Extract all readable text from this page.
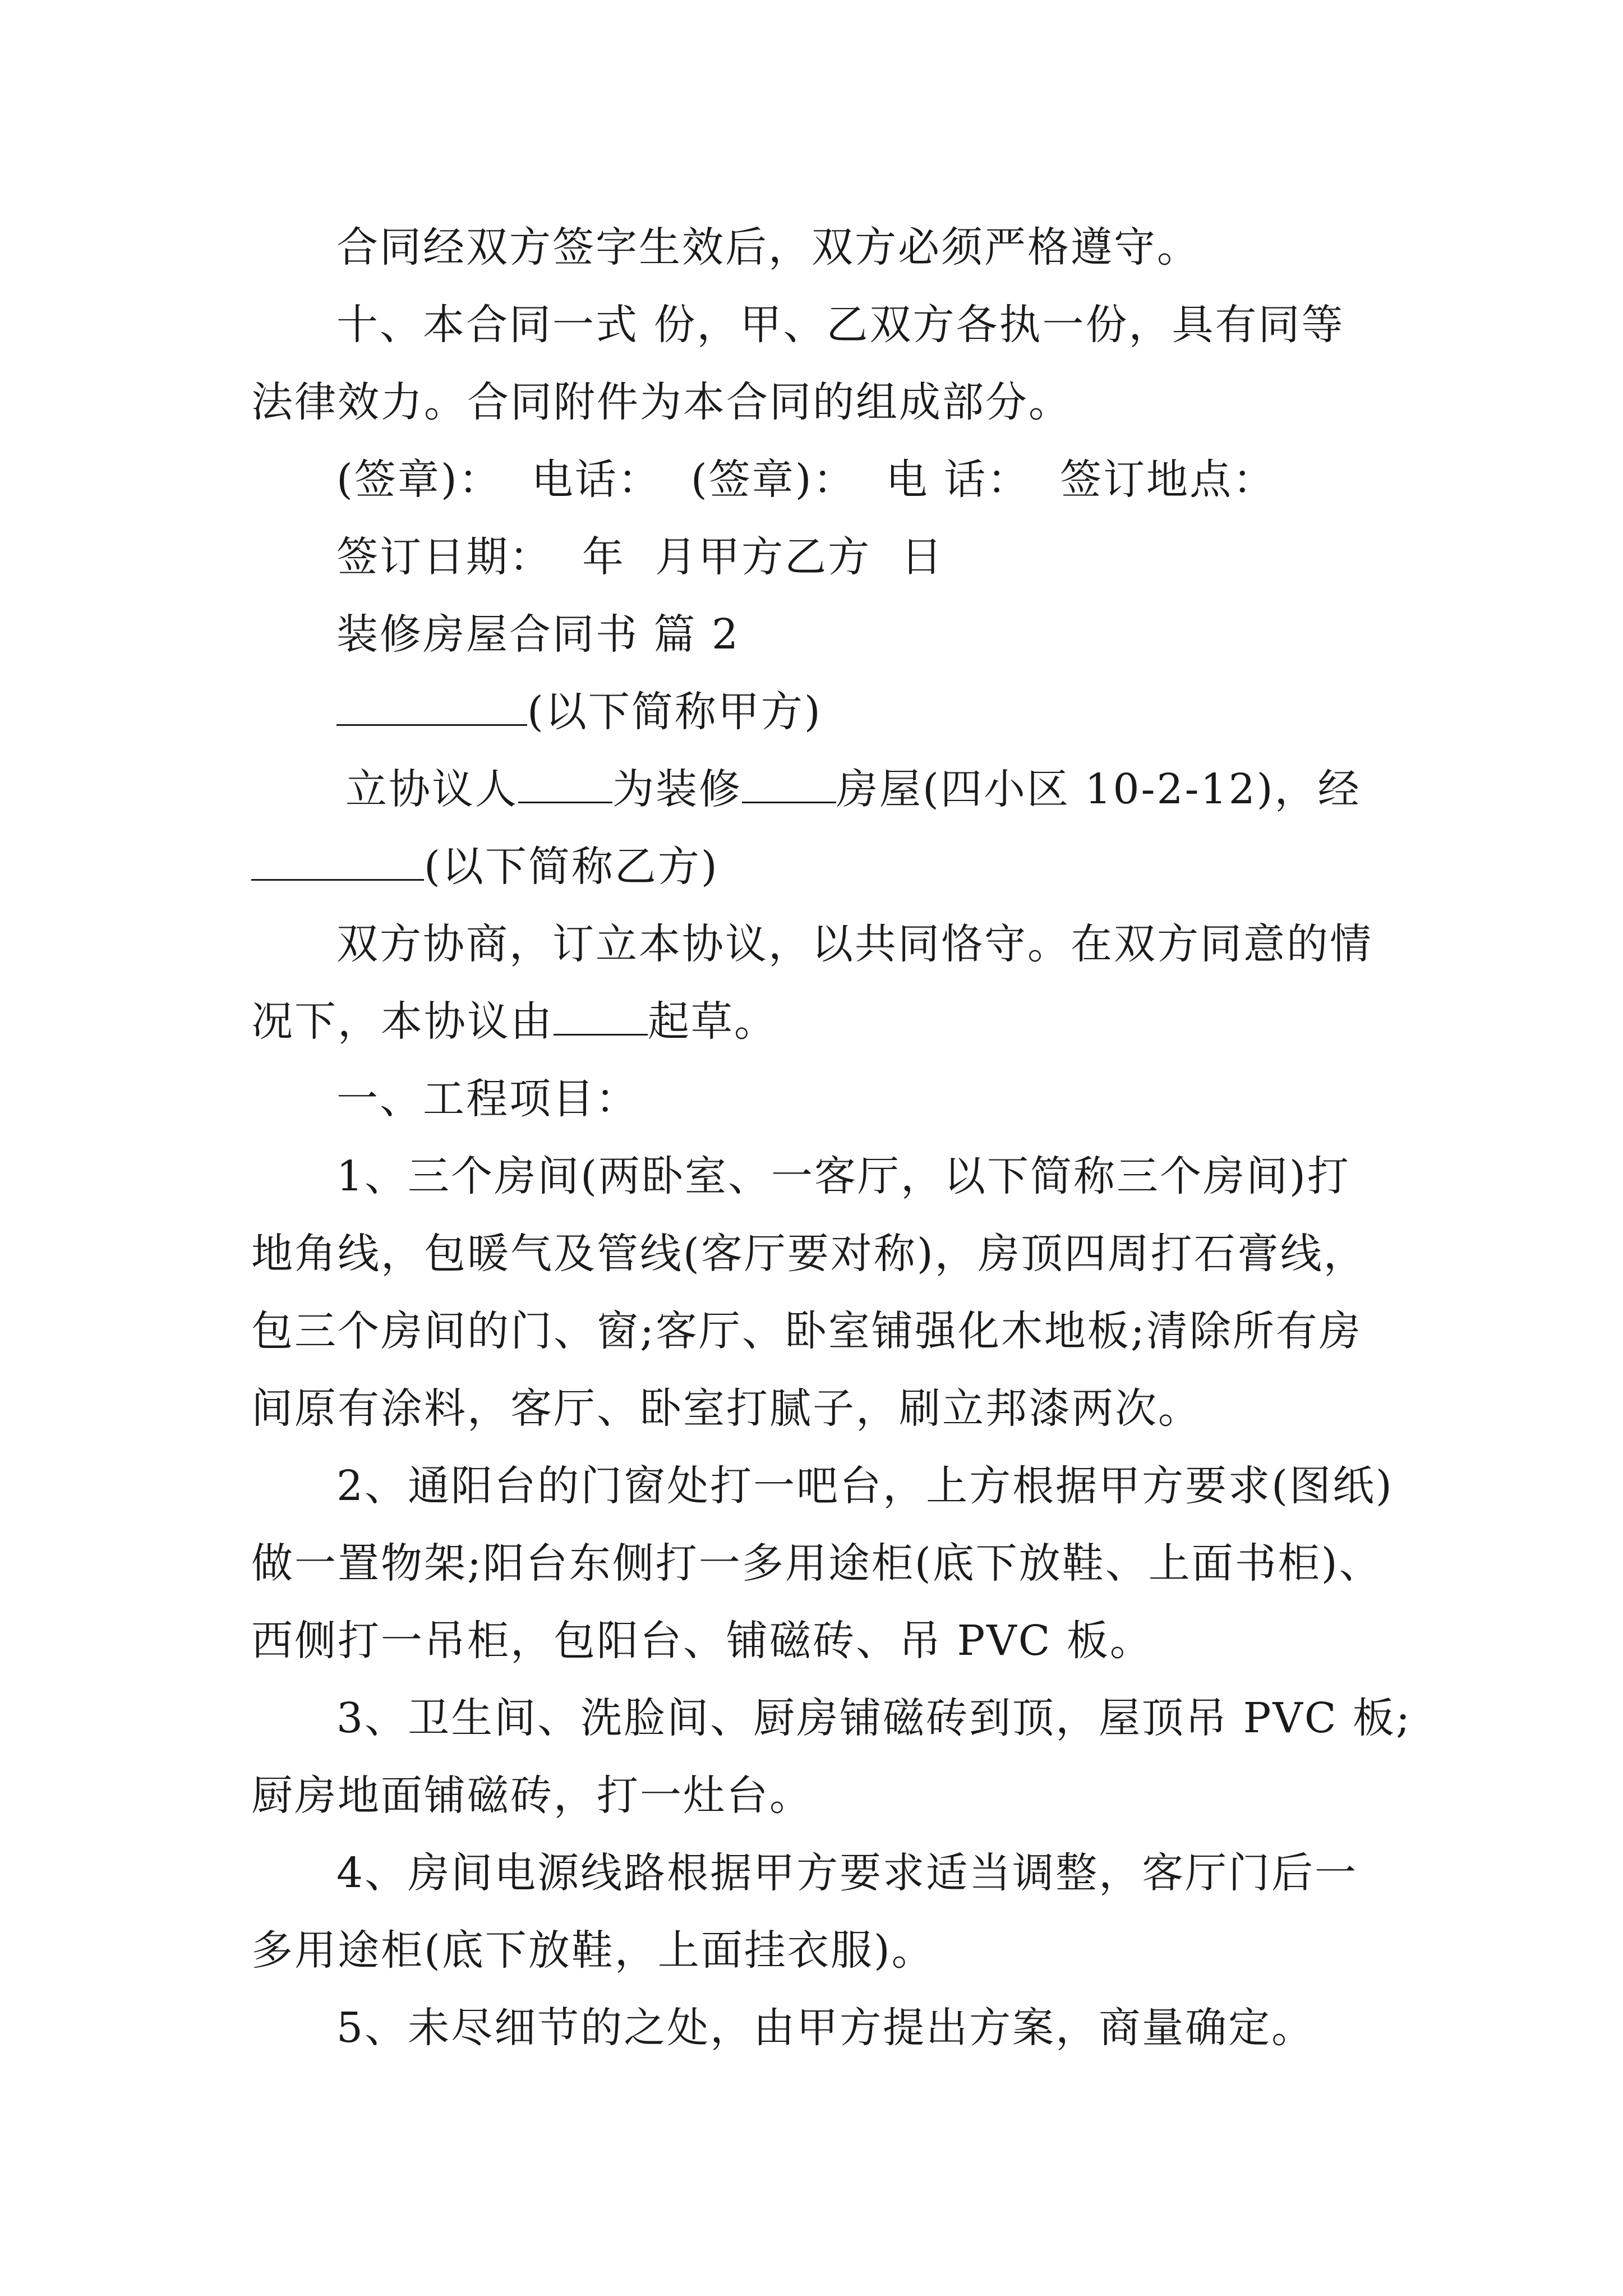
合同经双方签字生效后，双方必须严格遵守。
十、本合同一式 份，甲、乙双方各执一份，具有同等
法律效力。合同附件为本合同的组成部分。
(签章)：  电话：  (签章)：  电 话：  签订地点：
签订日期：  年  月甲方乙方  日
装修房屋合同书 篇 2
(以下简称甲方)
立协议人 为装修 房屋(四小区 10-2-12)，经
(以下简称乙方)
双方协商，订立本协议，以共同恪守。在双方同意的情
况下，本协议由 起草。
一、工程项目：
1、三个房间(两卧室、一客厅，以下简称三个房间)打
地角线，包暖气及管线(客厅要对称)，房顶四周打石膏线，
包三个房间的门、窗;客厅、卧室铺强化木地板;清除所有房
间原有涂料，客厅、卧室打腻子，刷立邦漆两次。
2、通阳台的门窗处打一吧台，上方根据甲方要求(图纸)
做一置物架;阳台东侧打一多用途柜(底下放鞋、上面书柜)、
西侧打一吊柜，包阳台、铺磁砖、吊 PVC 板。
3、卫生间、洗脸间、厨房铺磁砖到顶，屋顶吊 PVC 板;
厨房地面铺磁砖，打一灶台。
4、房间电源线路根据甲方要求适当调整，客厅门后一
多用途柜(底下放鞋，上面挂衣服)。
5、未尽细节的之处，由甲方提出方案，商量确定。
